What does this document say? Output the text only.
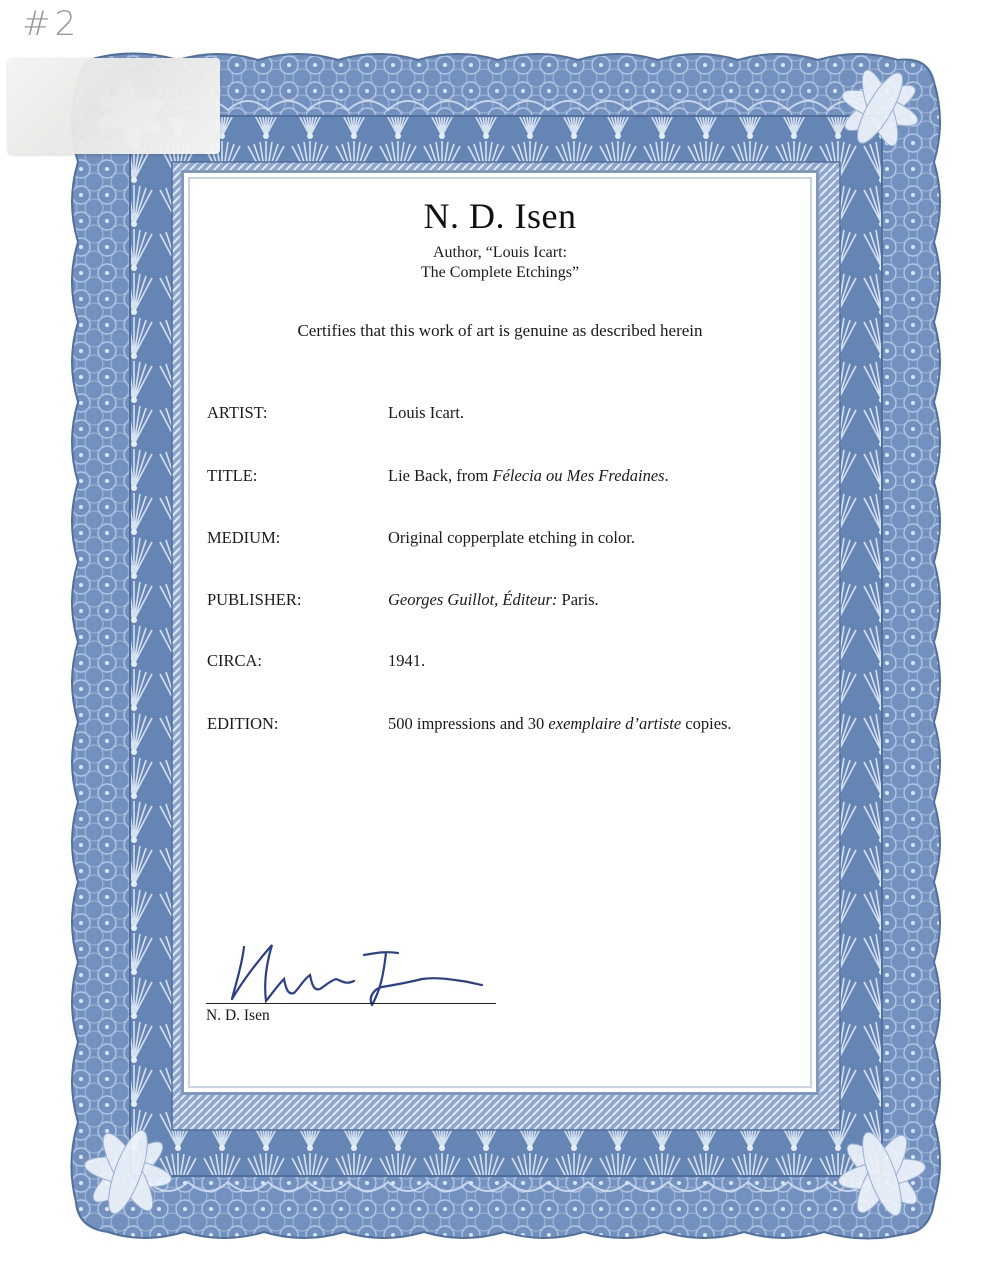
#2
N. D. Isen
Author, “Louis Icart:
The Complete Etchings”
Certifies that this work of art is genuine as described herein
ARTIST:	Louis Icart.
TITLE:	Lie Back, from Félecia ou Mes Fredaines.
MEDIUM:	Original copperplate etching in color.
PUBLISHER:	Georges Guillot, Éditeur: Paris.
CIRCA:	1941.
EDITION:	500 impressions and 30 exemplaire d’artiste copies.
N. D. Isen
